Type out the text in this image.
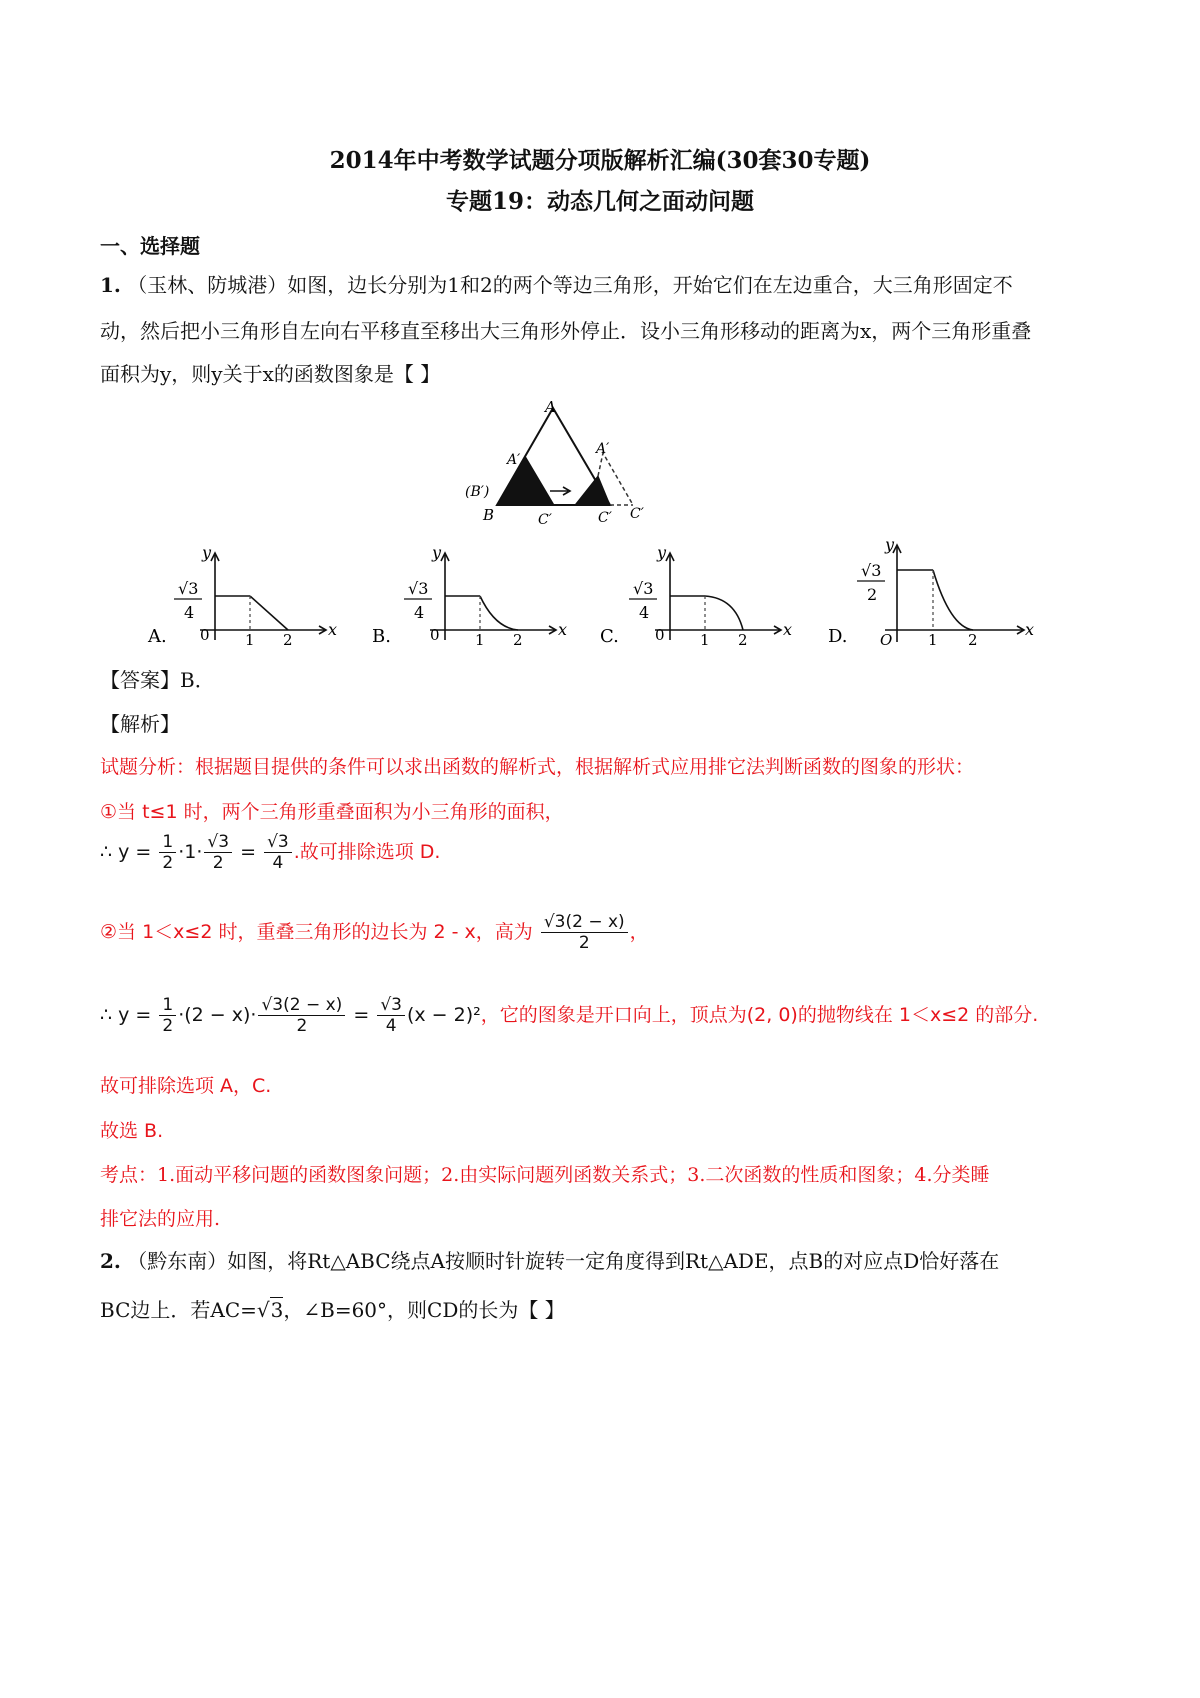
2014年中考数学试题分项版解析汇编(30套30专题)
专题19：动态几何之面动问题
一、选择题
1. （玉林、防城港）如图，边长分别为1和2的两个等边三角形，开始它们在左边重合，大三角形固定不
动，然后把小三角形自左向右平移直至移出大三角形外停止．设小三角形移动的距离为x，两个三角形重叠
面积为y，则y关于x的函数图象是【 】
A
A′
A′
(B′)
B	C′	C′ C′
A.
√3
4
0 1 2
x
y
B.
√3
4
0 1 2
x
y
C.
√3
4
0 1 2
x
y
D.
√3
2
O 1 2
x
y
【答案】B．
【解析】
试题分析：根据题目提供的条件可以求出函数的解析式，根据解析式应用排它法判断函数的图象的形状：
①当 t≤1 时，两个三角形重叠面积为小三角形的面积，
∴ $y = \frac{1}{2} \cdot 1\cdot \frac{√3}{2} = \frac{√3}{4}$ .故可排除选项 D.
②当 1＜x≤2 时，重叠三角形的边长为 2 - x，高为 $\frac{√3(2 - x)}{2}$ ，
∴ $y = \frac{1}{2} \cdot(2 - x)\cdot \frac{√3(2 - x)}{2} = \frac{√3}{4} (x - 2)^2$，它的图象是开口向上，顶点为(2, 0)的抛物线在 1＜x≤2 的部分.
故可排除选项 A，C.
故选 B.
考点：1.面动平移问题的函数图象问题；2.由实际问题列函数关系式；3.二次函数的性质和图象；4.分类睡
排它法的应用.
2. （黔东南）如图，将Rt△ABC绕点A按顺时针旋转一定角度得到Rt△ADE，点B的对应点D恰好落在
BC边上．若AC=√3，∠B=60°，则CD的长为【 】
